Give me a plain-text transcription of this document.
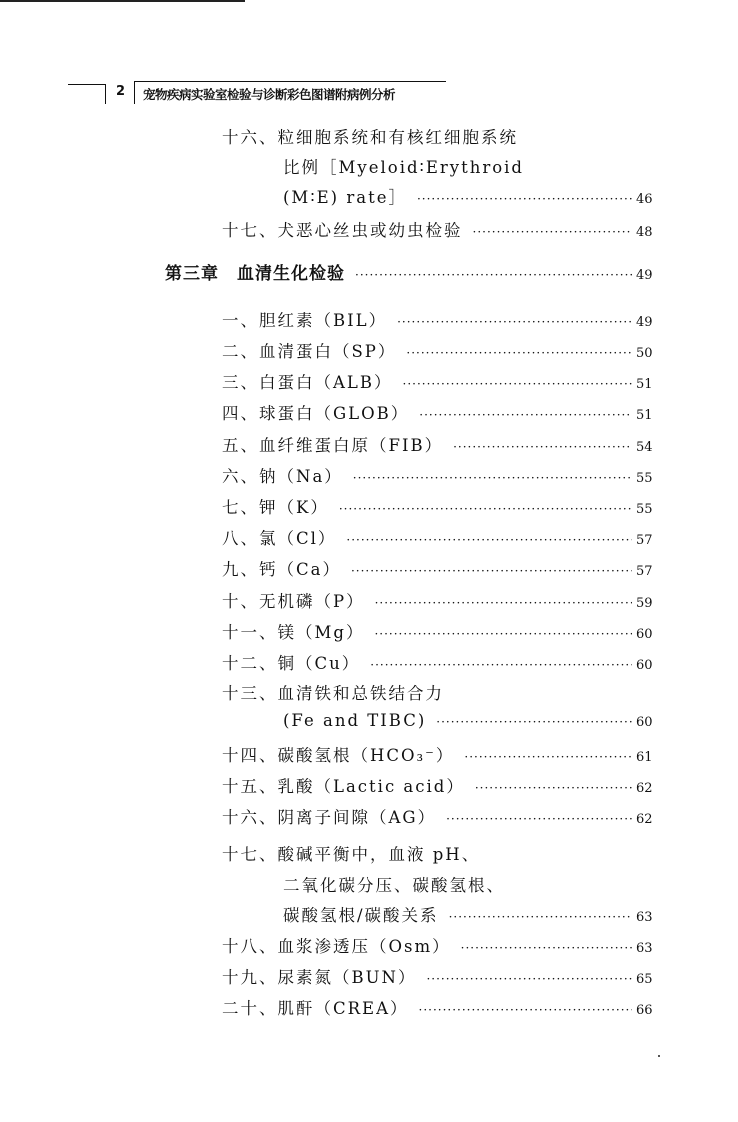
2 宠物疾病实验室检验与诊断彩色图谱附病例分析
十六、粒细胞系统和有核红细胞系统
比例［Myeloid∶Erythroid
(M∶E) rate］ ·····	46
十七、犬恶心丝虫或幼虫检验 ·····	48
第三章　血清生化检验 ·····	49
一、胆红素（BIL） ·····	49
二、血清蛋白（SP） ·····	50
三、白蛋白（ALB） ·····	51
四、球蛋白（GLOB） ·····	51
五、血纤维蛋白原（FIB） ·····	54
六、钠（Na） ·····	55
七、钾（K） ·····	55
八、氯（Cl） ·····	57
九、钙（Ca） ·····	57
十、无机磷（P） ·····	59
十一、镁（Mg） ·····	60
十二、铜（Cu） ·····	60
十三、血清铁和总铁结合力
(Fe and TIBC) ·····	60
十四、碳酸氢根（HCO₃⁻） ·····	61
十五、乳酸（Lactic acid） ·····	62
十六、阴离子间隙（AG） ·····	62
十七、酸碱平衡中，血液 pH、
二氧化碳分压、碳酸氢根、
碳酸氢根/碳酸关系 ·····	63
十八、血浆渗透压（Osm） ·····	63
十九、尿素氮（BUN） ·····	65
二十、肌酐（CREA） ·····	66
